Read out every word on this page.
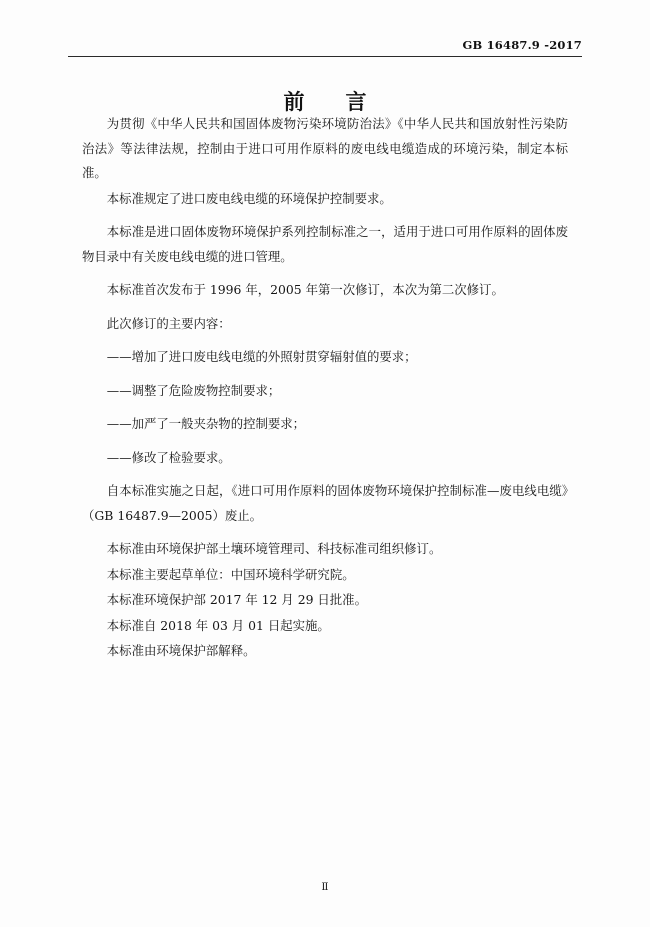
GB 16487.9 -2017
前　言

为贯彻《中华人民共和国固体废物污染环境防治法》《中华人民共和国放射性污染防治法》等法律法规，控制由于进口可用作原料的废电线电缆造成的环境污染，制定本标准。

本标准规定了进口废电线电缆的环境保护控制要求。

本标准是进口固体废物环境保护系列控制标准之一，适用于进口可用作原料的固体废物目录中有关废电线电缆的进口管理。

本标准首次发布于 1996 年，2005 年第一次修订，本次为第二次修订。

此次修订的主要内容：

——增加了进口废电线电缆的外照射贯穿辐射值的要求；

——调整了危险废物控制要求；

——加严了一般夹杂物的控制要求；

——修改了检验要求。

自本标准实施之日起，《进口可用作原料的固体废物环境保护控制标准—废电线电缆》（GB 16487.9—2005）废止。

本标准由环境保护部土壤环境管理司、科技标准司组织修订。

本标准主要起草单位：中国环境科学研究院。

本标准环境保护部 2017 年 12 月 29 日批准。

本标准自 2018 年 03 月 01 日起实施。

本标准由环境保护部解释。

Ⅱ
